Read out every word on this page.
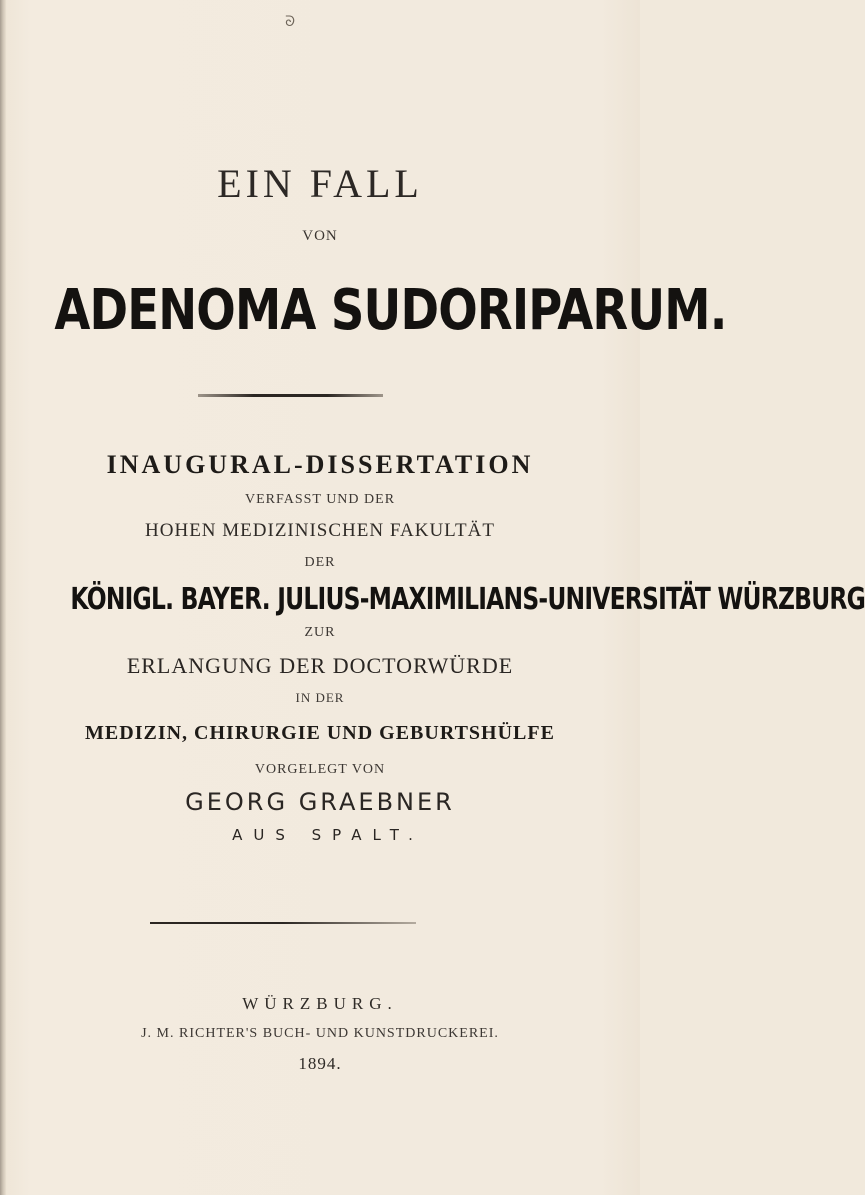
ᘐ
EIN FALL
VON
ADENOMA SUDORIPARUM.
INAUGURAL-DISSERTATION
VERFASST UND DER
HOHEN MEDIZINISCHEN FAKULTÄT
DER
KÖNIGL. BAYER. JULIUS-MAXIMILIANS-UNIVERSITÄT WÜRZBURG
ZUR
ERLANGUNG DER DOCTORWÜRDE
IN DER
MEDIZIN, CHIRURGIE UND GEBURTSHÜLFE
VORGELEGT VON
GEORG GRAEBNER
AUS SPALT.
WÜRZBURG.
J. M. RICHTER'S BUCH- UND KUNSTDRUCKEREI.
1894.
